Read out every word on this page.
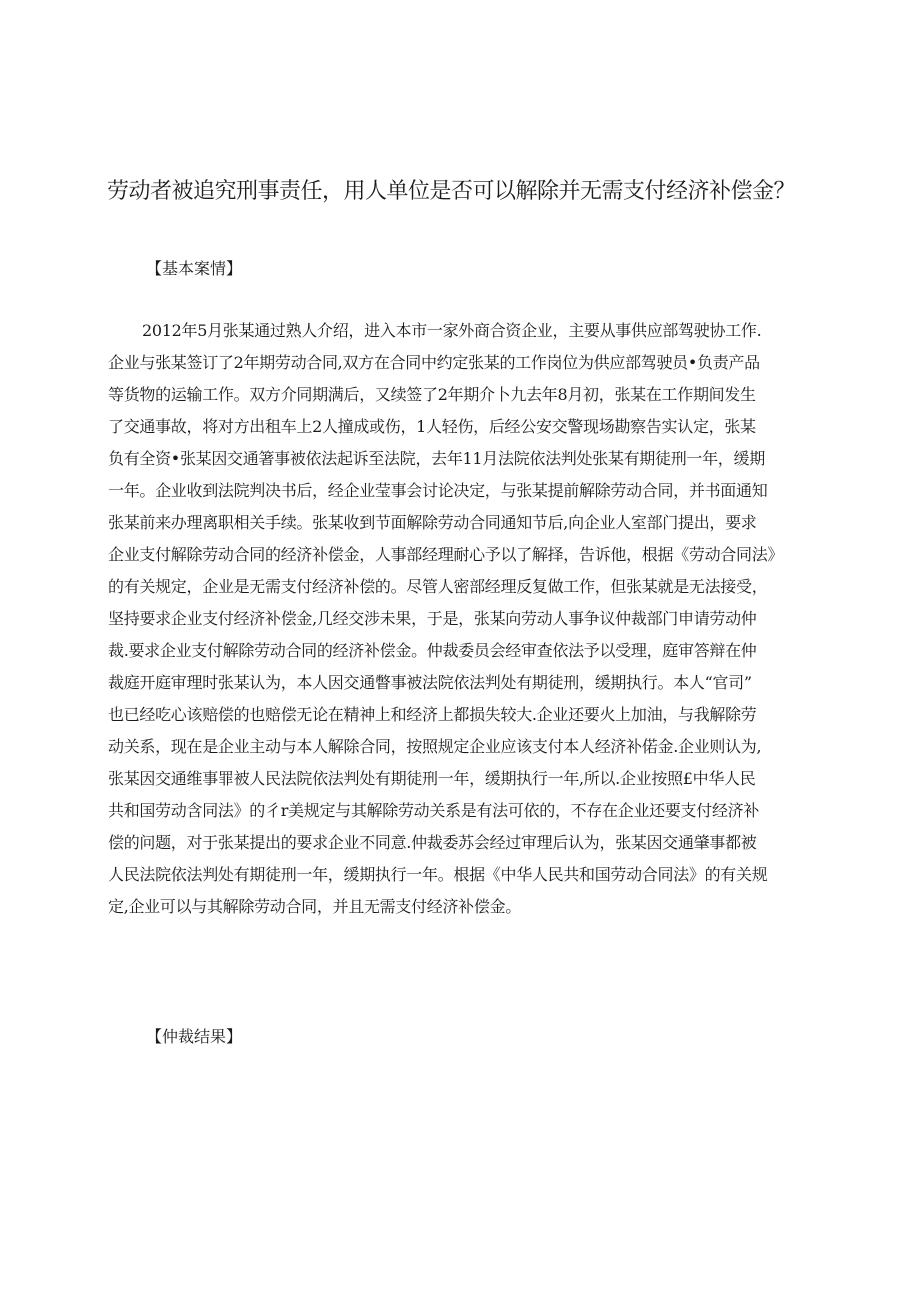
劳动者被追究刑事责任，用人单位是否可以解除并无需支付经济补偿金？
【基本案情】
2012年5月张某通过熟人介绍，进入本市一家外商合资企业，主要从事供应部驾驶协工作.
企业与张某签订了2年期劳动合同,双方在合同中约定张某的工作岗位为供应部驾驶员•负责产品
等货物的运输工作。双方介同期满后，又续签了2年期介卜九去年8月初，张某在工作期间发生
了交通事故，将对方出租车上2人撞成或伤，1人轻伤，后经公安交警现场勘察告实认定，张某
负有全资•张某因交通箸事被依法起诉至法院，去年11月法院依法判处张某有期徒刑一年，缓期
一年。企业收到法院判决书后，经企业莹事会讨论决定，与张某提前解除劳动合同，并书面通知
张某前来办理离职相关手续。张某收到节面解除劳动合同通知节后,向企业人室部门提出，要求
企业支付解除劳动合同的经济补偿金，人事部经理耐心予以了解择，告诉他，根据《劳动合同法》
的有关规定，企业是无需支付经济补偿的。尽管人密部经理反复做工作，但张某就是无法接受，
坚持要求企业支付经济补偿金,几经交涉未果，于是，张某向劳动人事争议仲裁部门申请劳动仲
裁.要求企业支付解除劳动合同的经济补偿金。仲裁委员会经审查依法予以受理，庭审答辩在仲
裁庭开庭审理时张某认为，本人因交通瞥事被法院依法判处有期徒刑，缓期执行。本人“官司”
也已经吃心该赔偿的也赔偿无论在精神上和经济上都损失较大.企业还要火上加油，与我解除劳
动关系，现在是企业主动与本人解除合同，按照规定企业应该支付本人经济补偌金.企业则认为,
张某因交通维事罪被人民法院依法判处有期徒刑一年，缓期执行一年,所以.企业按照£中华人民
共和国劳动含同法》的彳r美规定与其解除劳动关系是有法可依的，不存在企业还要支付经济补
偿的问题，对于张某提出的要求企业不同意.仲裁委苏会经过审理后认为，张某因交通肇事都被
人民法院依法判处有期徒刑一年，缓期执行一年。根据《中华人民共和国劳动合同法》的有关规
定,企业可以与其解除劳动合同，并且无需支付经济补偿金。
【仲裁结果】
